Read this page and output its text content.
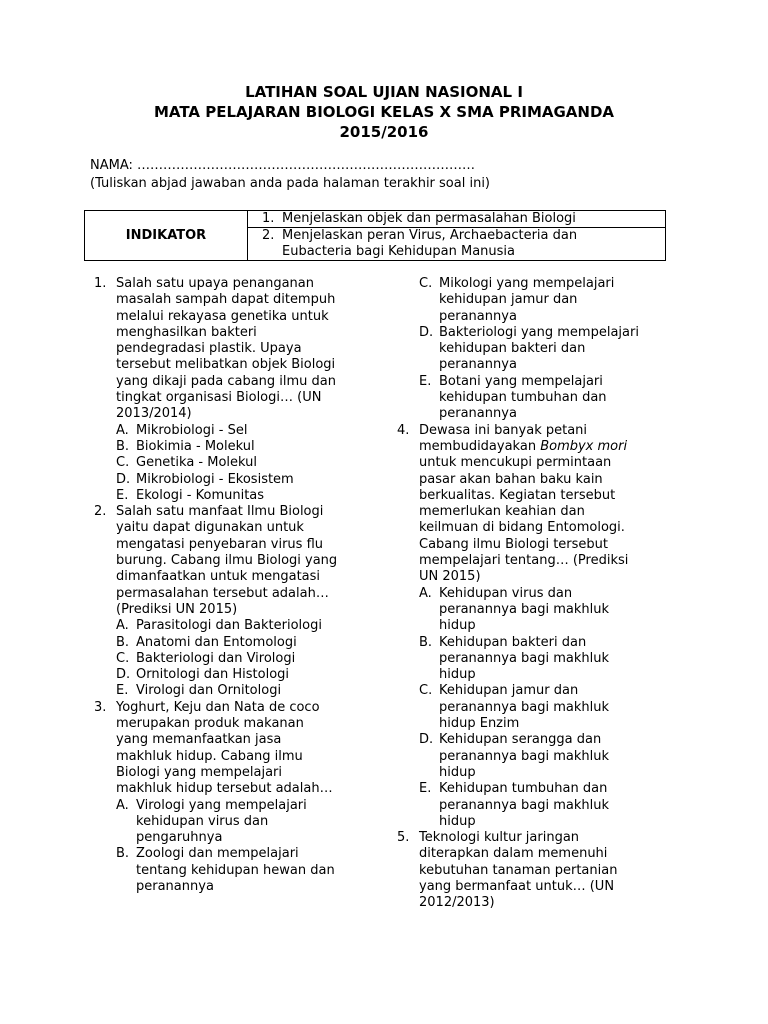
LATIHAN SOAL UJIAN NASIONAL I
MATA PELAJARAN BIOLOGI KELAS X SMA PRIMAGANDA
2015/2016
NAMA: ……………………………………………………………………
(Tuliskan abjad jawaban anda pada halaman terakhir soal ini)
INDIKATOR	1. Menjelaskan objek dan permasalahan Biologi
2. Menjelaskan peran Virus, Archaebacteria dan
Eubacteria bagi Kehidupan Manusia
1. Salah satu upaya penanganan

masalah sampah dapat ditempuh

melalui rekayasa genetika untuk

menghasilkan bakteri

pendegradasi plastik. Upaya

tersebut melibatkan objek Biologi

yang dikaji pada cabang ilmu dan

tingkat organisasi Biologi… (UN

2013/2014)

A. Mikrobiologi - Sel
B. Biokimia - Molekul
C. Genetika - Molekul
D. Mikrobiologi - Ekosistem
E. Ekologi - Komunitas
2. Salah satu manfaat Ilmu Biologi

yaitu dapat digunakan untuk

mengatasi penyebaran virus flu

burung. Cabang ilmu Biologi yang

dimanfaatkan untuk mengatasi

permasalahan tersebut adalah…

(Prediksi UN 2015)

A. Parasitologi dan Bakteriologi
B. Anatomi dan Entomologi
C. Bakteriologi dan Virologi
D. Ornitologi dan Histologi
E. Virologi dan Ornitologi
3. Yoghurt, Keju dan Nata de coco

merupakan produk makanan

yang memanfaatkan jasa

makhluk hidup. Cabang ilmu

Biologi yang mempelajari

makhluk hidup tersebut adalah…

A. Virologi yang mempelajari
kehidupan virus dan
pengaruhnya
B. Zoologi dan mempelajari
tentang kehidupan hewan dan
peranannya
C. Mikologi yang mempelajari
kehidupan jamur dan
peranannya
D. Bakteriologi yang mempelajari
kehidupan bakteri dan
peranannya
E. Botani yang mempelajari
kehidupan tumbuhan dan
peranannya
4. Dewasa ini banyak petani

membudidayakan Bombyx mori

untuk mencukupi permintaan

pasar akan bahan baku kain

berkualitas. Kegiatan tersebut

memerlukan keahian dan

keilmuan di bidang Entomologi.

Cabang ilmu Biologi tersebut

mempelajari tentang… (Prediksi

UN 2015)

A. Kehidupan virus dan
peranannya bagi makhluk
hidup
B. Kehidupan bakteri dan
peranannya bagi makhluk
hidup
C. Kehidupan jamur dan
peranannya bagi makhluk
hidup Enzim
D. Kehidupan serangga dan
peranannya bagi makhluk
hidup
E. Kehidupan tumbuhan dan
peranannya bagi makhluk
hidup
5. Teknologi kultur jaringan

diterapkan dalam memenuhi

kebutuhan tanaman pertanian

yang bermanfaat untuk… (UN

2012/2013)
